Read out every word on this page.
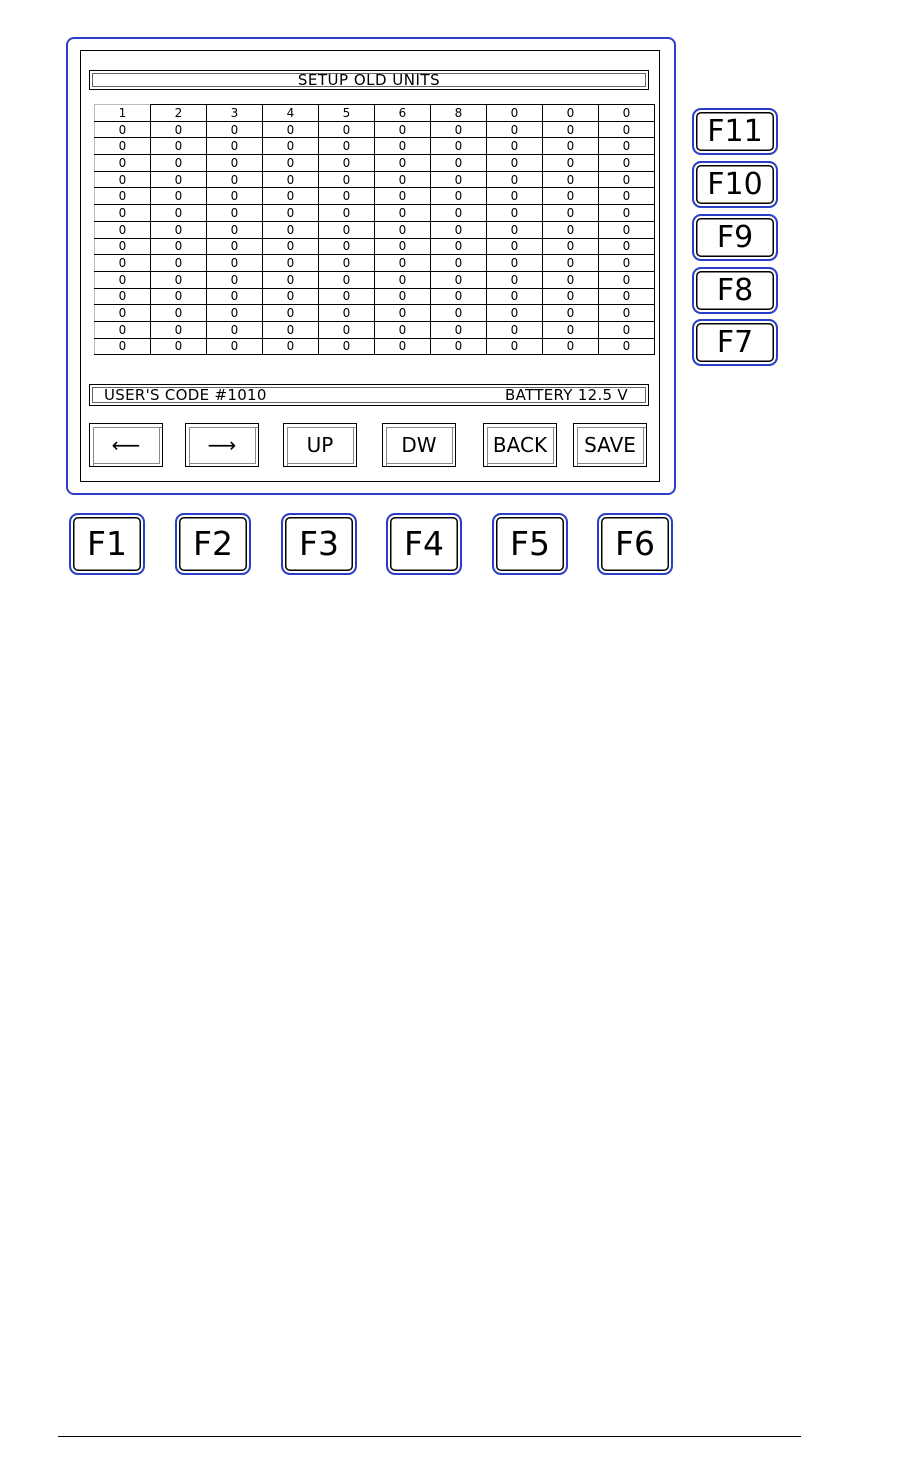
SETUP OLD UNITS
1	2	3	4	5	6	8	0	0	0
0	0	0	0	0	0	0	0	0	0
0	0	0	0	0	0	0	0	0	0
0	0	0	0	0	0	0	0	0	0
0	0	0	0	0	0	0	0	0	0
0	0	0	0	0	0	0	0	0	0
0	0	0	0	0	0	0	0	0	0
0	0	0	0	0	0	0	0	0	0
0	0	0	0	0	0	0	0	0	0
0	0	0	0	0	0	0	0	0	0
0	0	0	0	0	0	0	0	0	0
0	0	0	0	0	0	0	0	0	0
0	0	0	0	0	0	0	0	0	0
0	0	0	0	0	0	0	0	0	0
0	0	0	0	0	0	0	0	0	0
USER'S CODE #1010	BATTERY 12.5 V
⟵	⟶	UP	DW	BACK	SAVE
F1	F2	F3	F4	F5	F6
F11
F10
F9
F8
F7
